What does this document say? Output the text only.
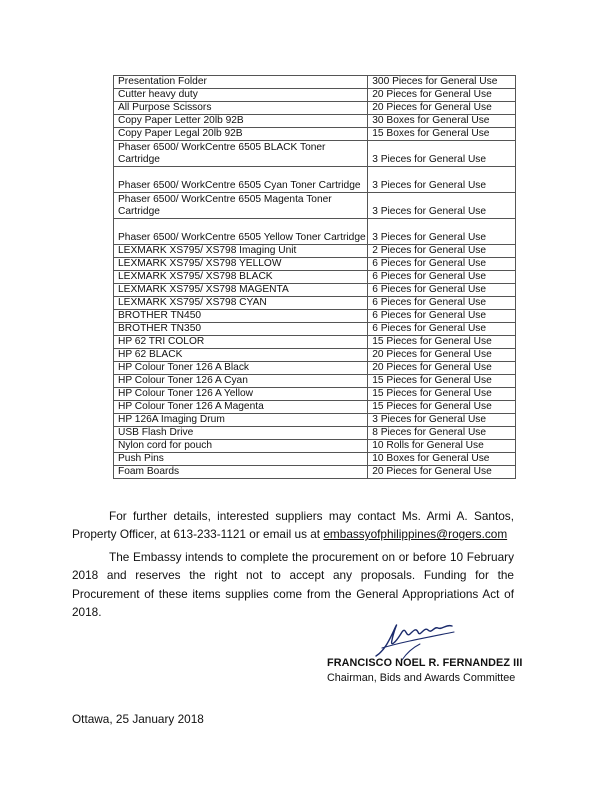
Presentation Folder	300 Pieces for General Use
Cutter heavy duty	20 Pieces for General Use
All Purpose Scissors	20 Pieces for General Use
Copy Paper Letter 20lb 92B	30 Boxes for General Use
Copy Paper Legal 20lb 92B	15 Boxes for General Use
Phaser 6500/ WorkCentre 6505 BLACK Toner Cartridge	3 Pieces for General Use
Phaser 6500/ WorkCentre 6505 Cyan Toner Cartridge	3 Pieces for General Use
Phaser 6500/ WorkCentre 6505 Magenta Toner Cartridge	3 Pieces for General Use
Phaser 6500/ WorkCentre 6505 Yellow Toner Cartridge	3 Pieces for General Use
LEXMARK XS795/ XS798 Imaging Unit	2 Pieces for General Use
LEXMARK XS795/ XS798 YELLOW	6 Pieces for General Use
LEXMARK XS795/ XS798 BLACK	6 Pieces for General Use
LEXMARK XS795/ XS798 MAGENTA	6 Pieces for General Use
LEXMARK XS795/ XS798 CYAN	6 Pieces for General Use
BROTHER TN450	6 Pieces for General Use
BROTHER TN350	6 Pieces for General Use
HP 62 TRI COLOR	15 Pieces for General Use
HP 62 BLACK	20 Pieces for General Use
HP Colour Toner 126 A Black	20 Pieces for General Use
HP Colour Toner 126 A Cyan	15 Pieces for General Use
HP Colour Toner 126 A Yellow	15 Pieces for General Use
HP Colour Toner 126 A Magenta	15 Pieces for General Use
HP 126A Imaging Drum	3 Pieces for General Use
USB Flash Drive	8 Pieces for General Use
Nylon cord for pouch	10 Rolls for General Use
Push Pins	10 Boxes for General Use
Foam Boards	20 Pieces for General Use

For further details, interested suppliers may contact Ms. Armi A. Santos, Property Officer, at 613-233-1121 or email us at embassyofphilippines@rogers.com

The Embassy intends to complete the procurement on or before 10 February 2018 and reserves the right not to accept any proposals. Funding for the Procurement of these items supplies come from the General Appropriations Act of 2018.

FRANCISCO NOEL R. FERNANDEZ III
Chairman, Bids and Awards Committee
Ottawa, 25 January 2018
